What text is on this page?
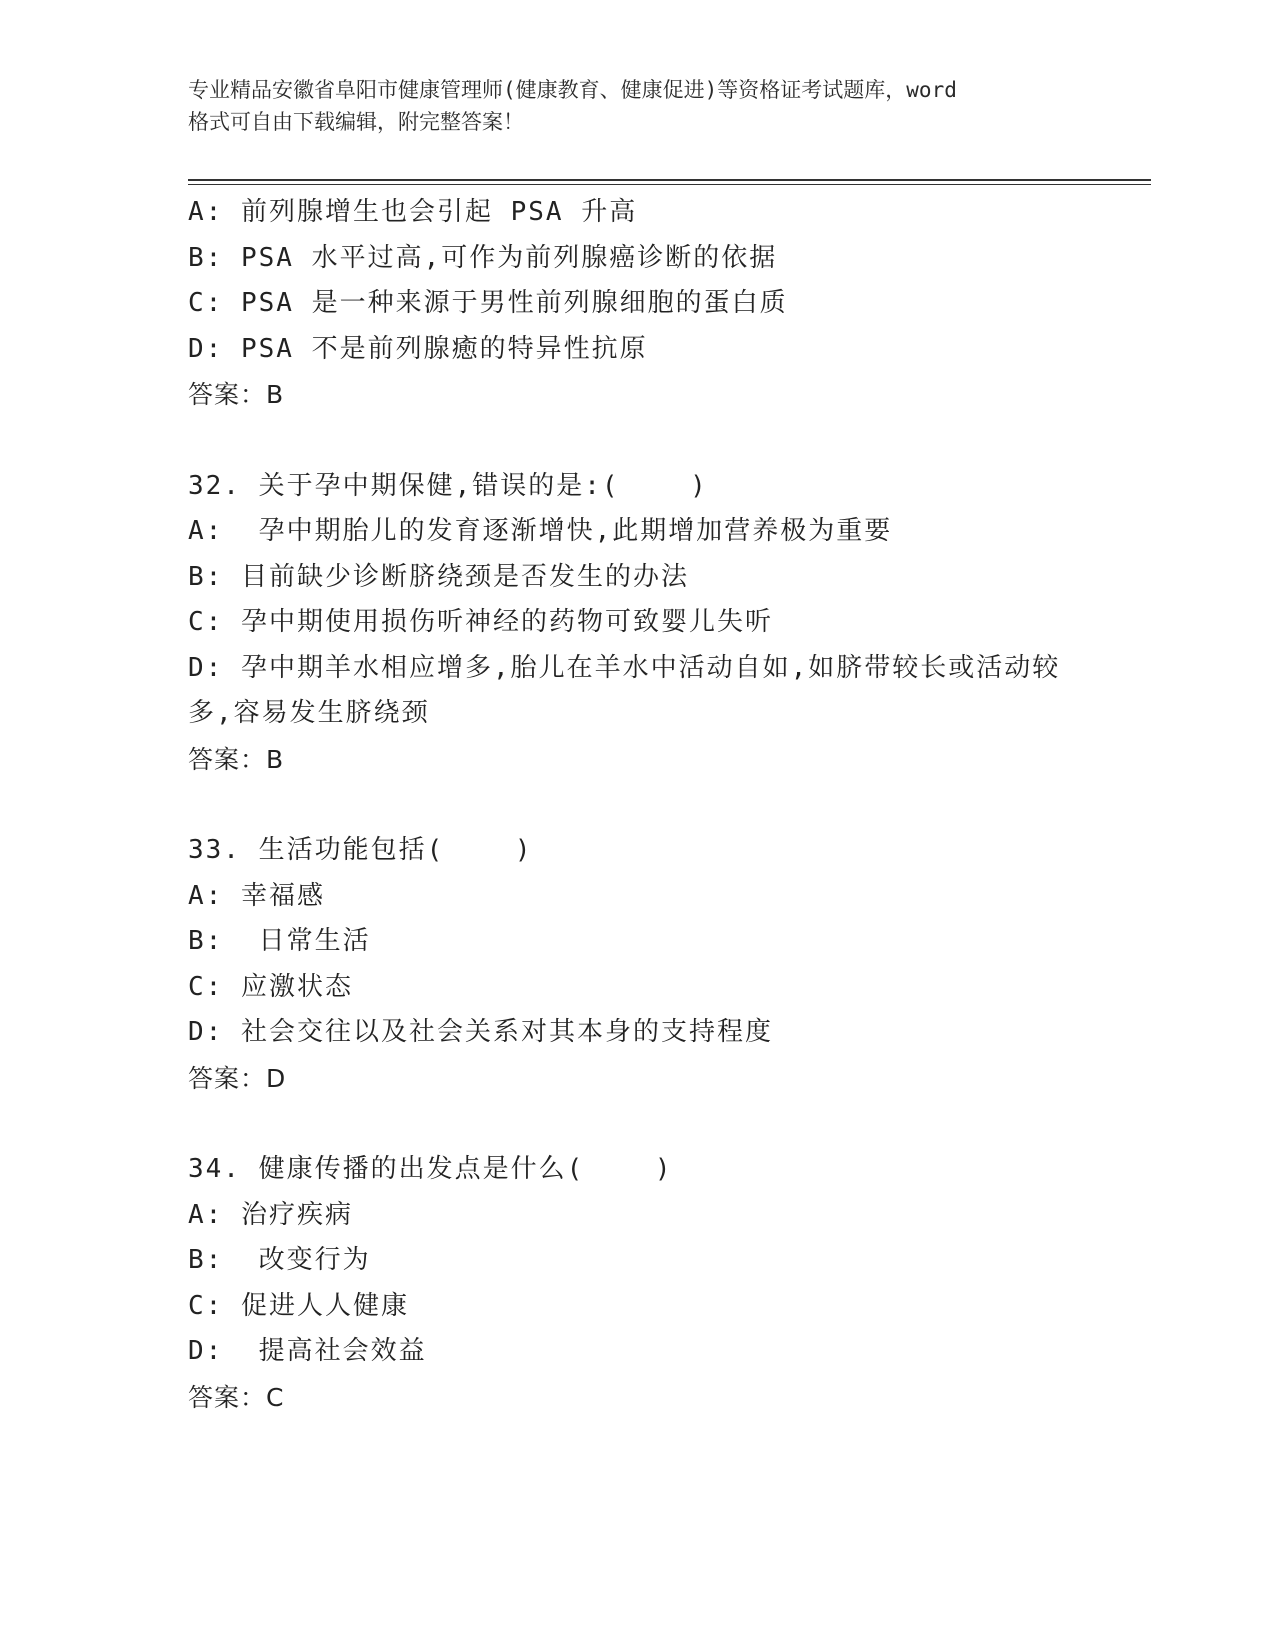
专业精品安徽省阜阳市健康管理师(健康教育、健康促进)等资格证考试题库，word
格式可自由下载编辑，附完整答案！
A: 前列腺增生也会引起 PSA 升高
B: PSA 水平过高,可作为前列腺癌诊断的依据
C: PSA 是一种来源于男性前列腺细胞的蛋白质
D: PSA 不是前列腺癒的特异性抗原
答案：B
32. 关于孕中期保健,错误的是:(    )
A:  孕中期胎儿的发育逐渐增快,此期增加营养极为重要
B: 目前缺少诊断脐绕颈是否发生的办法
C: 孕中期使用损伤听神经的药物可致婴儿失听
D: 孕中期羊水相应增多,胎儿在羊水中活动自如,如脐带较长或活动较
多,容易发生脐绕颈
答案：B
33. 生活功能包括(    )
A: 幸福感
B:  日常生活
C: 应激状态
D: 社会交往以及社会关系对其本身的支持程度
答案：D
34. 健康传播的出发点是什么(    )
A: 治疗疾病
B:  改变行为
C: 促进人人健康
D:  提高社会效益
答案：C
